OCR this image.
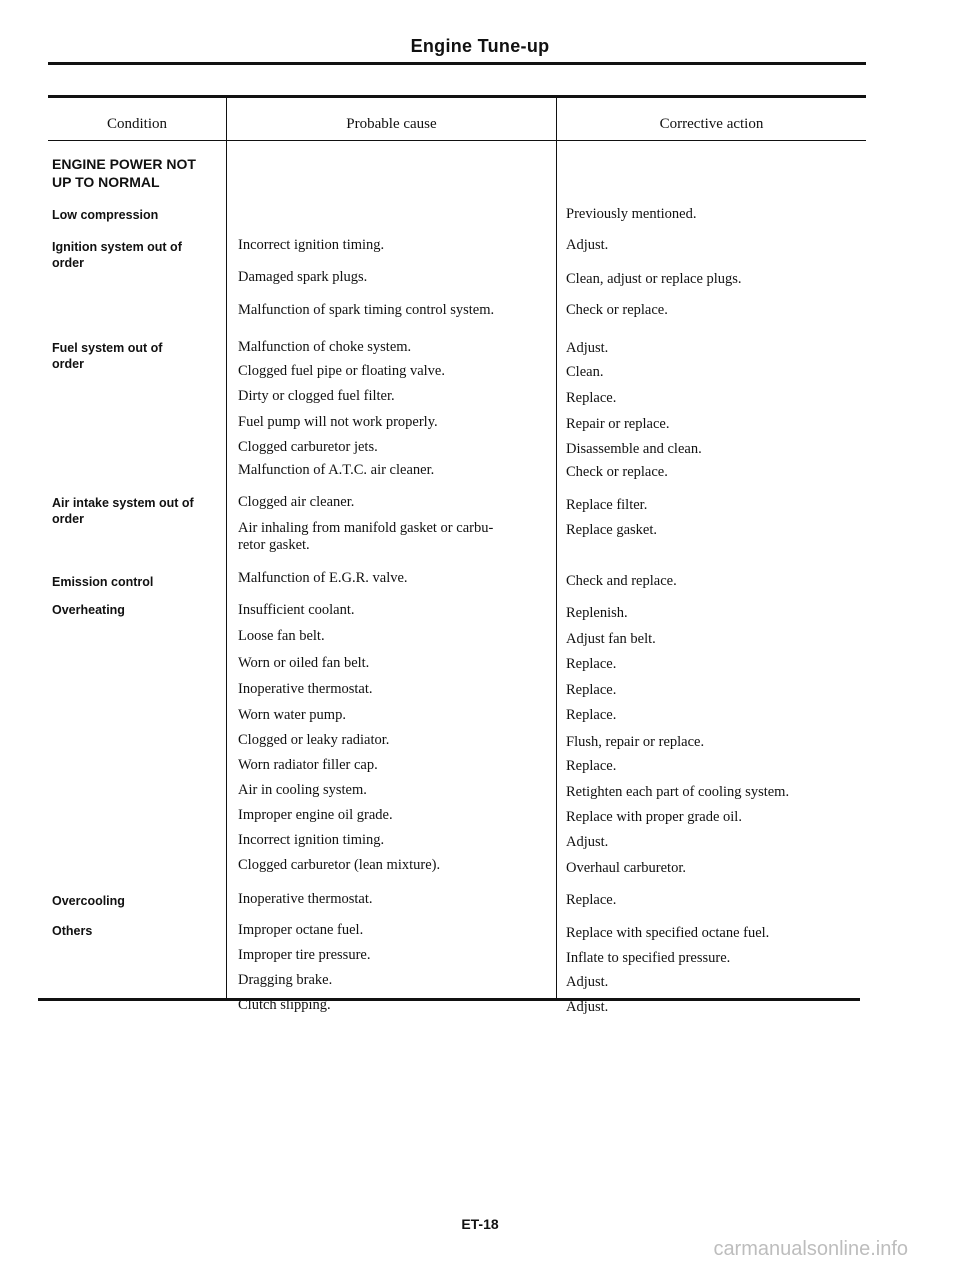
Engine Tune-up
Condition	Probable cause	Corrective action
ENGINE POWER NOT UP TO NORMAL
Low compression
Ignition system out of order
Fuel system out of order
Air intake system out of order
Emission control
Overheating
Overcooling
Others
Incorrect ignition timing.
Damaged spark plugs.
Malfunction of spark timing control system.
Malfunction of choke system.
Clogged fuel pipe or floating valve.
Dirty or clogged fuel filter.
Fuel pump will not work properly.
Clogged carburetor jets.
Malfunction of A.T.C. air cleaner.
Clogged air cleaner.
Air inhaling from manifold gasket or carbu- retor gasket.
Malfunction of E.G.R. valve.
Insufficient coolant.
Loose fan belt.
Worn or oiled fan belt.
Inoperative thermostat.
Worn water pump.
Clogged or leaky radiator.
Worn radiator filler cap.
Air in cooling system.
Improper engine oil grade.
Incorrect ignition timing.
Clogged carburetor (lean mixture).
Inoperative thermostat.
Improper octane fuel.
Improper tire pressure.
Dragging brake.
Clutch slipping.
Previously mentioned.
Adjust.
Clean, adjust or replace plugs.
Check or replace.
Adjust.
Clean.
Replace.
Repair or replace.
Disassemble and clean.
Check or replace.
Replace filter.
Replace gasket.
Check and replace.
Replenish.
Adjust fan belt.
Replace.
Replace.
Replace.
Flush, repair or replace.
Replace.
Retighten each part of cooling system.
Replace with proper grade oil.
Adjust.
Overhaul carburetor.
Replace.
Replace with specified octane fuel.
Inflate to specified pressure.
Adjust.
Adjust.
ET-18
carmanualsonline.info
